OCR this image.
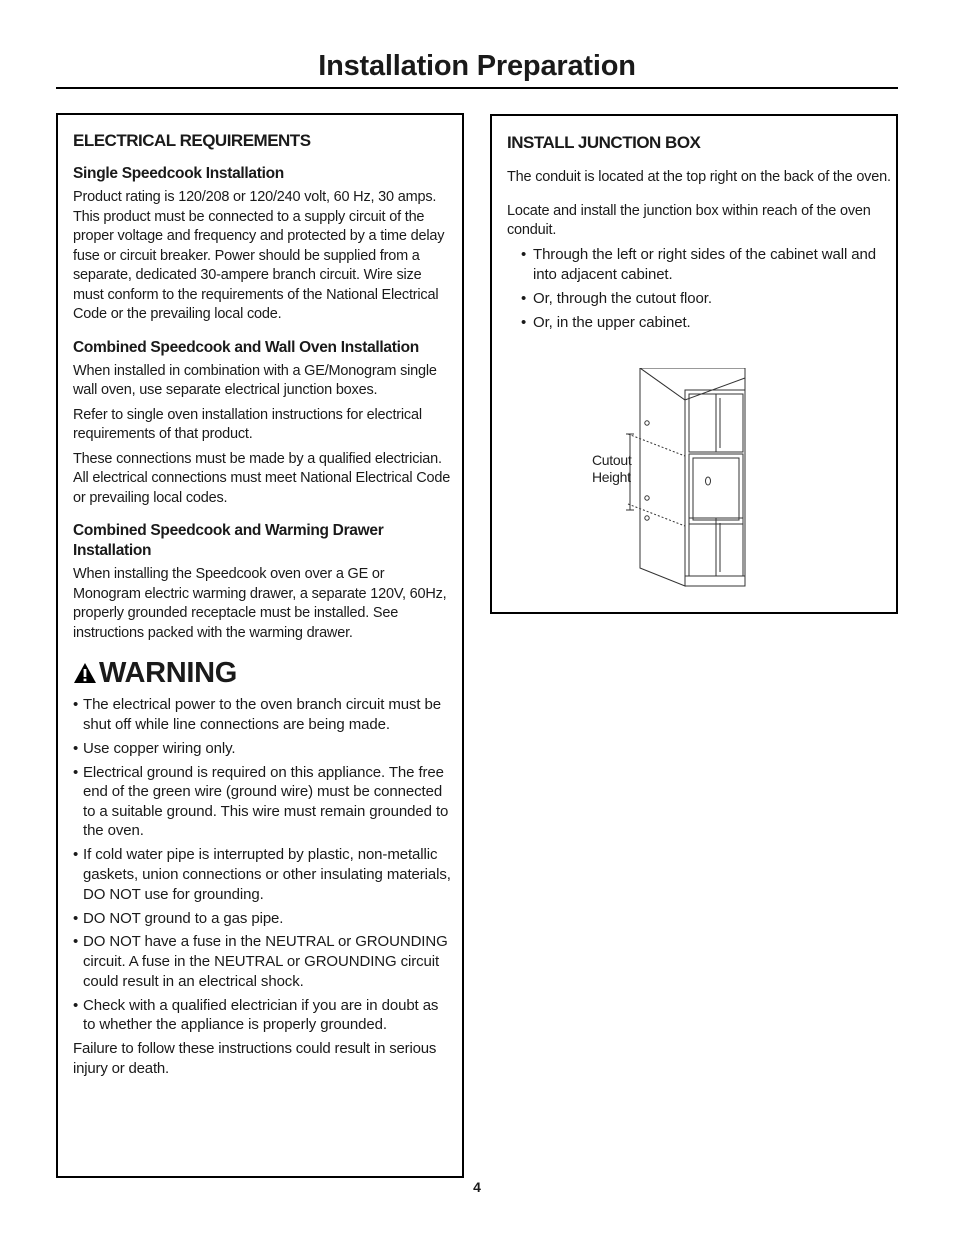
Installation Preparation
ELECTRICAL REQUIREMENTS
Single Speedcook Installation

Product rating is 120/208 or 120/240 volt, 60 Hz, 30 amps. This product must be connected to a supply circuit of the proper voltage and frequency and protected by a time delay fuse or circuit breaker. Power should be supplied from a separate, dedicated 30-ampere branch circuit. Wire size must conform to the requirements of the National Electrical Code or the prevailing local code.

Combined Speedcook and Wall Oven Installation

When installed in combination with a GE/Monogram single wall oven, use separate electrical junction boxes.

Refer to single oven installation instructions for electrical requirements of that product.

These connections must be made by a qualified electrician. All electrical connections must meet National Electrical Code or prevailing local codes.

Combined Speedcook and Warming Drawer Installation

When installing the Speedcook oven over a GE or Monogram electric warming drawer, a separate 120V, 60Hz, properly grounded receptacle must be installed. See instructions packed with the warming drawer.

WARNING
• The electrical power to the oven branch circuit must be shut off while line connections are being made.
• Use copper wiring only.
• Electrical ground is required on this appliance. The free end of the green wire (ground wire) must be connected to a suitable ground. This wire must remain grounded to the oven.
• If cold water pipe is interrupted by plastic, non-metallic gaskets, union connections or other insulating materials, DO NOT use for grounding.
• DO NOT ground to a gas pipe.
• DO NOT have a fuse in the NEUTRAL or GROUNDING circuit. A fuse in the NEUTRAL or GROUNDING circuit could result in an electrical shock.
• Check with a qualified electrician if you are in doubt as to whether the appliance is properly grounded.

Failure to follow these instructions could result in serious injury or death.

INSTALL JUNCTION BOX

The conduit is located at the top right on the back of the oven.

Locate and install the junction box within reach of the oven conduit.

• Through the left or right sides of the cabinet wall and into adjacent cabinet.
• Or, through the cutout floor.
• Or, in the upper cabinet.
Cutout
Height
4
